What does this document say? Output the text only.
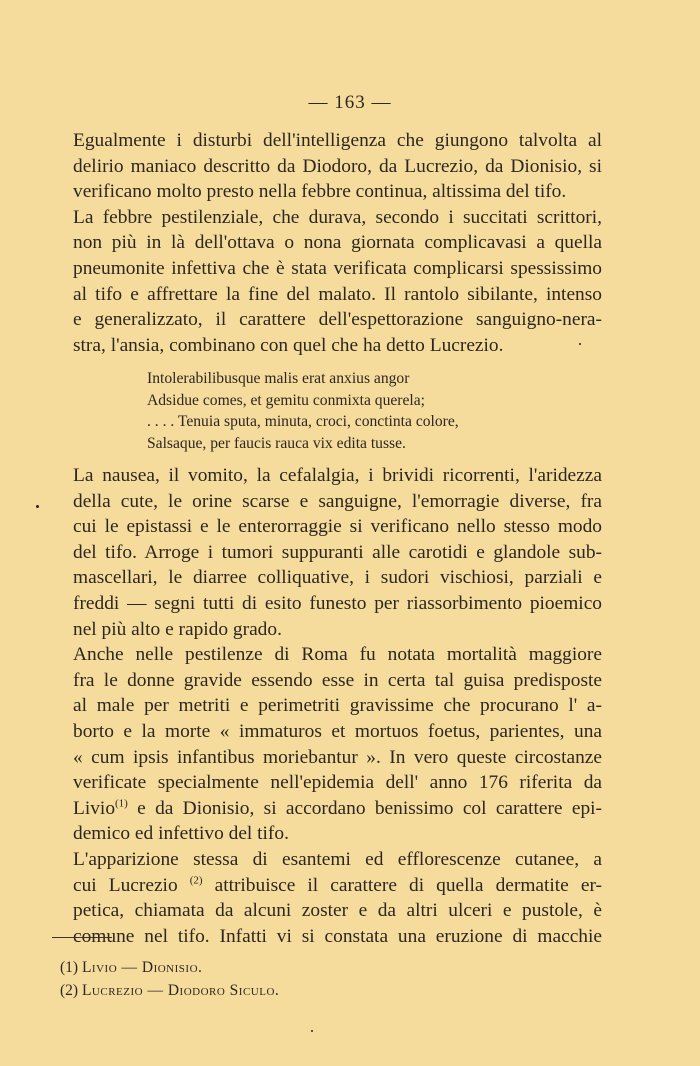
— 163 —

Egualmente i disturbi dell'intelligenza che giungono talvolta al
delirio maniaco descritto da Diodoro, da Lucrezio, da Dionisio, si
verificano molto presto nella febbre continua, altissima del tifo.

La febbre pestilenziale, che durava, secondo i succitati scrittori,
non più in là dell'ottava o nona giornata complicavasi a quella
pneumonite infettiva che è stata verificata complicarsi spessissimo
al tifo e affrettare la fine del malato. Il rantolo sibilante, intenso
e generalizzato, il carattere dell'espettorazione sanguigno-nera-
stra, l'ansia, combinano con quel che ha detto Lucrezio.

Intolerabilibusque malis erat anxius angor
Adsidue comes, et gemitu conmixta querela;
. . . . Tenuia sputa, minuta, croci, conctinta colore,
Salsaque, per faucis rauca vix edita tusse.

La nausea, il vomito, la cefalalgia, i brividi ricorrenti, l'aridezza
della cute, le orine scarse e sanguigne, l'emorragie diverse, fra
cui le epistassi e le enterorraggie si verificano nello stesso modo
del tifo. Arroge i tumori suppuranti alle carotidi e glandole sub-
mascellari, le diarree colliquative, i sudori vischiosi, parziali e
freddi — segni tutti di esito funesto per riassorbimento pioemico
nel più alto e rapido grado.

Anche nelle pestilenze di Roma fu notata mortalità maggiore
fra le donne gravide essendo esse in certa tal guisa predisposte
al male per metriti e perimetriti gravissime che procurano l' a-
borto e la morte « immaturos et mortuos foetus, parientes, una
« cum ipsis infantibus moriebantur ». In vero queste circostanze
verificate specialmente nell'epidemia dell' anno 176 riferita da
Livio$^{(1)}$ e da Dionisio, si accordano benissimo col carattere epi-
demico ed infettivo del tifo.

L'apparizione stessa di esantemi ed efflorescenze cutanee, a
cui Lucrezio $^{(2)}$ attribuisce il carattere di quella dermatite er-
petica, chiamata da alcuni zoster e da altri ulceri e pustole, è
comune nel tifo. Infatti vi si constata una eruzione di macchie

(1) Livio — Dionisio.
(2) Lucrezio — Diodoro Siculo.
